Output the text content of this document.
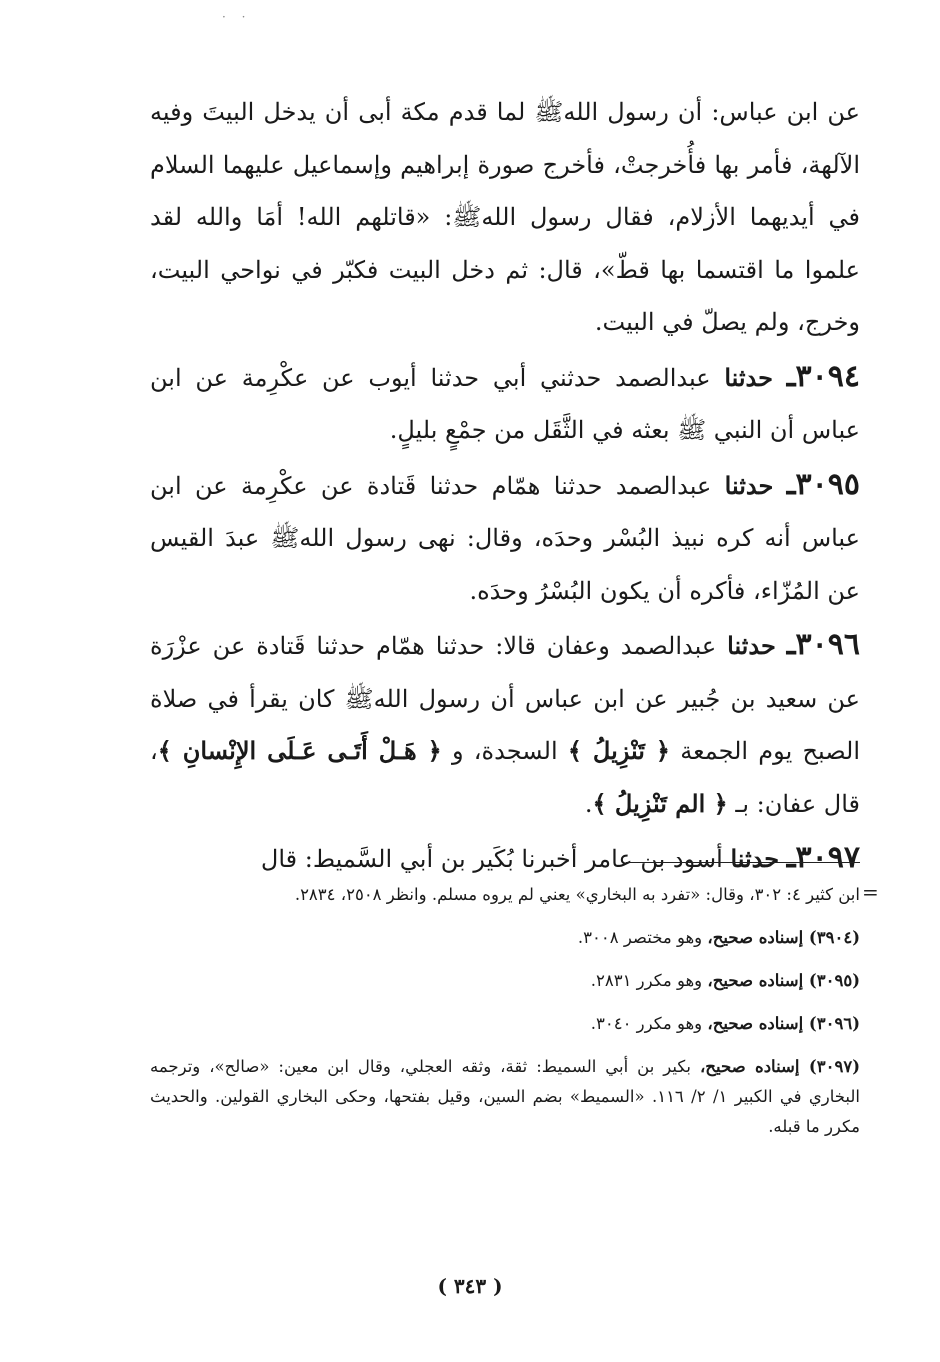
· ·

عن ابن عباس: أن رسول اللهﷺ لما قدم مكة أبى أن يدخل البيتَ وفيه الآلهة، فأمر بها فأُخرجتْ، فأخرج صورة إبراهيم وإسماعيل عليهما السلام في أيديهما الأزلام، فقال رسول اللهﷺ: «قاتلهم الله! أمَا والله لقد علموا ما اقتسما بها قطّ»، قال: ثم دخل البيت فكبّر في نواحي البيت، وخرج، ولم يصلّ في البيت.

٣٠٩٤ـ حدثنا عبدالصمد حدثني أبي حدثنا أيوب عن عكْرِمة عن ابن عباس أن النبي ﷺ بعثه في الثَّقَل من جمْعٍ بليلٍ.

٣٠٩٥ـ حدثنا عبدالصمد حدثنا همّام حدثنا قَتادة عن عكْرِمة عن ابن عباس أنه كره نبيذ البُسْر وحدَه، وقال: نهى رسول اللهﷺ عبدَ القيس عن المُزّاء، فأكره أن يكون البُسْرُ وحدَه.

٣٠٩٦ـ حدثنا عبدالصمد وعفان قالا: حدثنا همّام حدثنا قَتادة عن عزْرَة عن سعيد بن جُبير عن ابن عباس أن رسول اللهﷺ كان يقرأ في صلاة الصبح يوم الجمعة ﴿ تَنْزِيلُ ﴾ السجدة، و ﴿ هَـلْ أَتَـى عَـلَى الإِنْسانِ ﴾، قال عفان: بـ ﴿ الم تَنْزِيلُ ﴾.

٣٠٩٧ـ حدثنا أسود بن عامر أخبرنا بُكَير بن أبي السَّميط: قال

=

ابن كثير ٤: ٣٠٢، وقال: «تفرد به البخاري» يعني لم يروه مسلم. وانظر ٢٥٠٨، ٢٨٣٤.

(٣٩٠٤) إسناده صحيح، وهو مختصر ٣٠٠٨.

(٣٠٩٥) إسناده صحيح، وهو مكرر ٢٨٣١.

(٣٠٩٦) إسناده صحيح، وهو مكرر ٣٠٤٠.

(٣٠٩٧) إسناده صحيح، بكير بن أبي السميط: ثقة، وثقه العجلي، وقال ابن معين: «صالح»، وترجمه البخاري في الكبير ١/ ٢/ ١١٦. «السميط» بضم السين، وقيل بفتحها، وحكى البخاري القولين. والحديث مكرر ما قبله.

( ٣٤٣ )
